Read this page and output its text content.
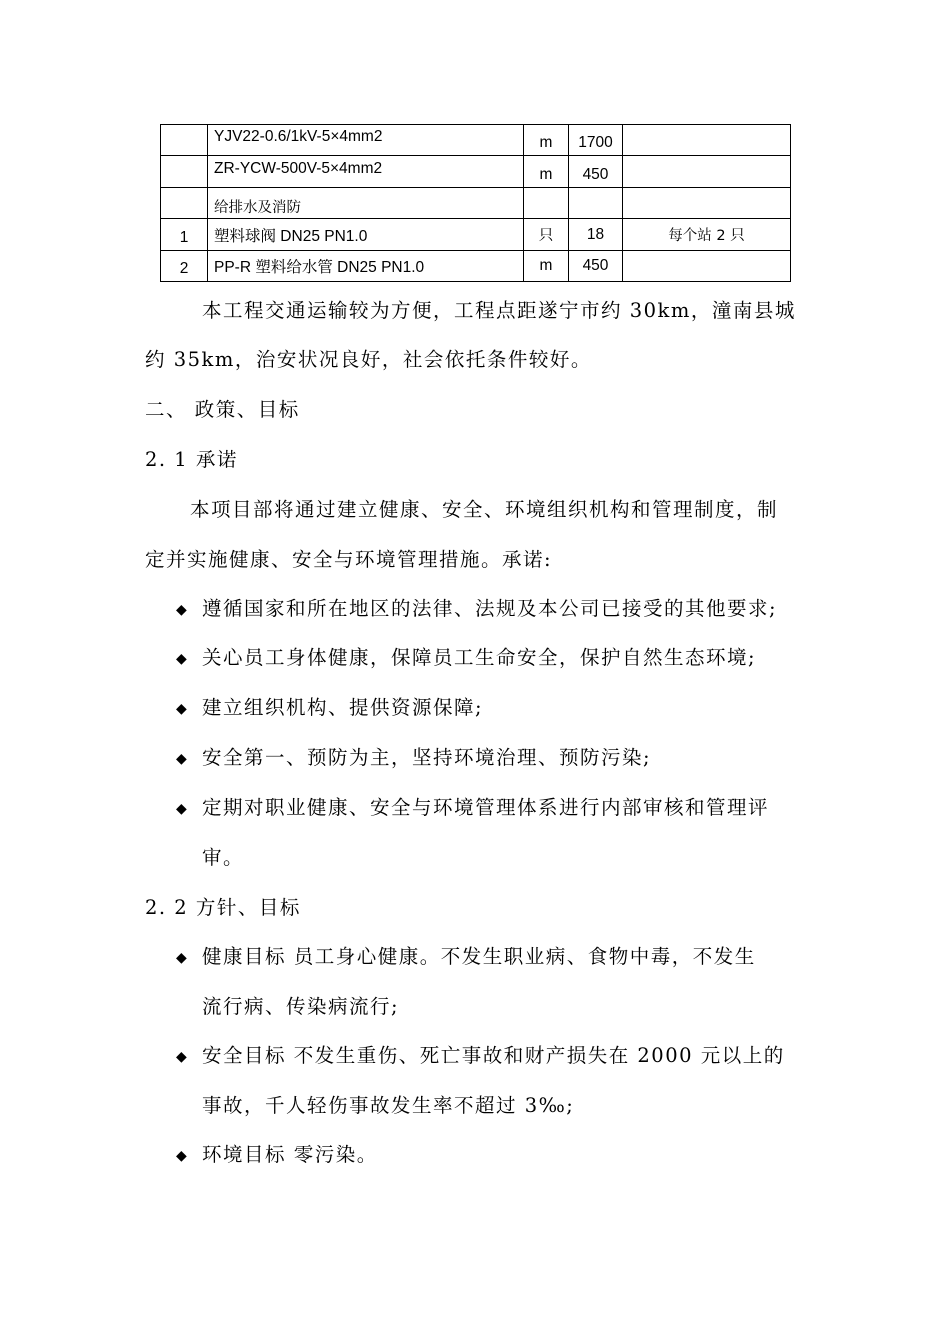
	YJV22-0.6/1kV-5×4mm2	m	1700	
	ZR-YCW-500V-5×4mm2	m	450	
	给排水及消防			
1	塑料球阀 DN25 PN1.0	只	18	每个站 2 只
2	PP-R 塑料给水管 DN25 PN1.0	m	450	
本工程交通运输较为方便，工程点距遂宁市约 30km，潼南县城
约 35km，治安状况良好，社会依托条件较好。
二、 政策、目标
2. 1 承诺
本项目部将通过建立健康、安全、环境组织机构和管理制度，制
定并实施健康、安全与环境管理措施。承诺:
◆ 遵循国家和所在地区的法律、法规及本公司已接受的其他要求;
◆ 关心员工身体健康，保障员工生命安全，保护自然生态环境;
◆ 建立组织机构、提供资源保障;
◆ 安全第一、预防为主，坚持环境治理、预防污染;
◆ 定期对职业健康、安全与环境管理体系进行内部审核和管理评
审。
2. 2 方针、目标
◆ 健康目标 员工身心健康。不发生职业病、食物中毒，不发生
流行病、传染病流行;
◆ 安全目标 不发生重伤、死亡事故和财产损失在 2000 元以上的
事故，千人轻伤事故发生率不超过 3‰;
◆ 环境目标 零污染。
